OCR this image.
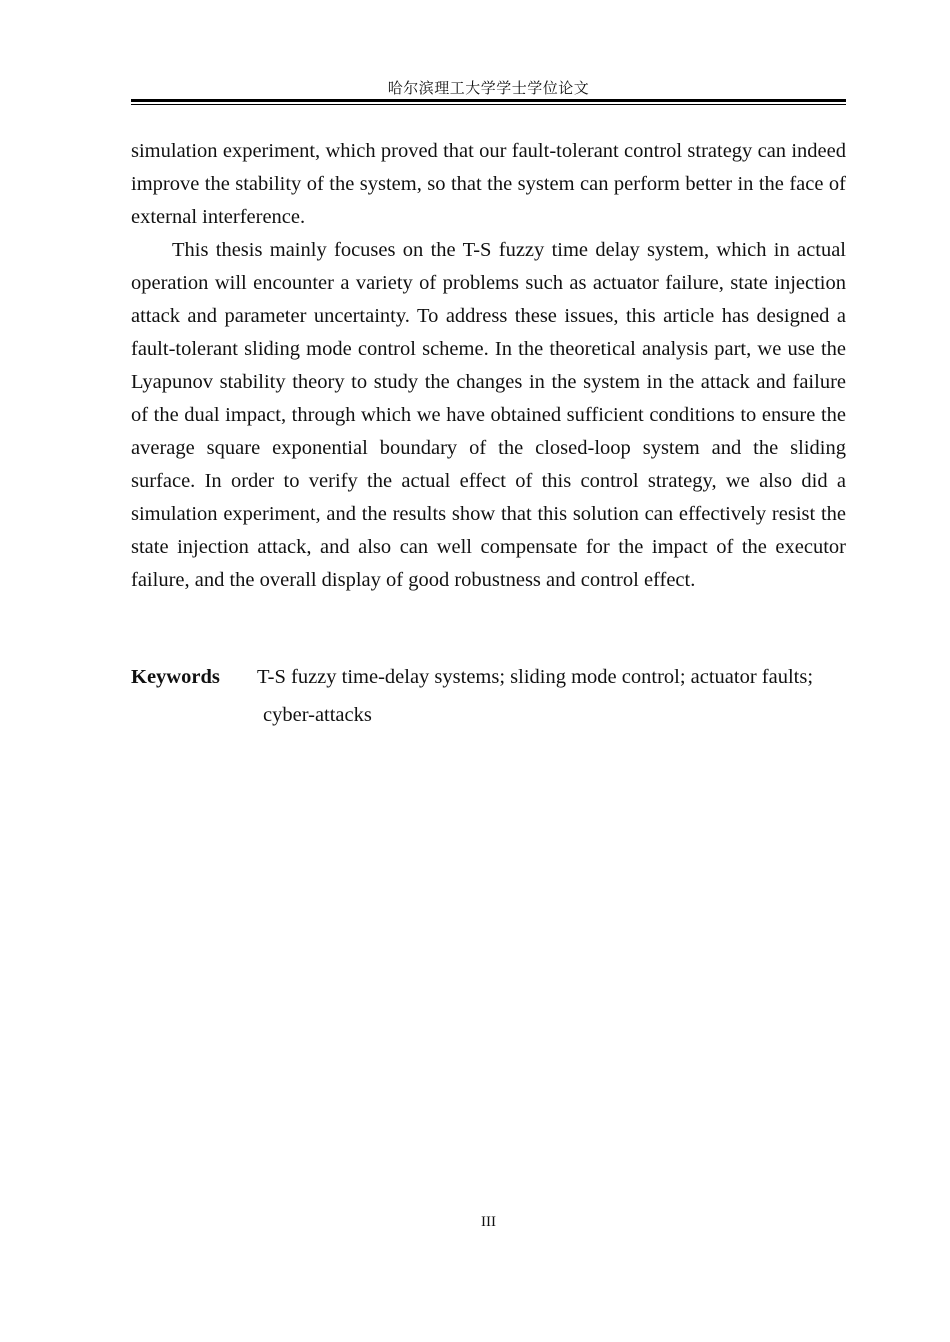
哈尔滨理工大学学士学位论文

simulation experiment, which proved that our fault-tolerant control strategy can indeed improve the stability of the system, so that the system can perform better in the face of external interference.

This thesis mainly focuses on the T-S fuzzy time delay system, which in actual operation will encounter a variety of problems such as actuator failure, state injection attack and parameter uncertainty. To address these issues, this article has designed a fault-tolerant sliding mode control scheme. In the theoretical analysis part, we use the Lyapunov stability theory to study the changes in the system in the attack and failure of the dual impact, through which we have obtained sufficient conditions to ensure the average square exponential boundary of the closed-loop system and the sliding surface. In order to verify the actual effect of this control strategy, we also did a simulation experiment, and the results show that this solution can effectively resist the state injection attack, and also can well compensate for the impact of the executor failure, and the overall display of good robustness and control effect.

Keywords	T-S fuzzy time-delay systems; sliding mode control; actuator faults;
cyber-attacks
III
